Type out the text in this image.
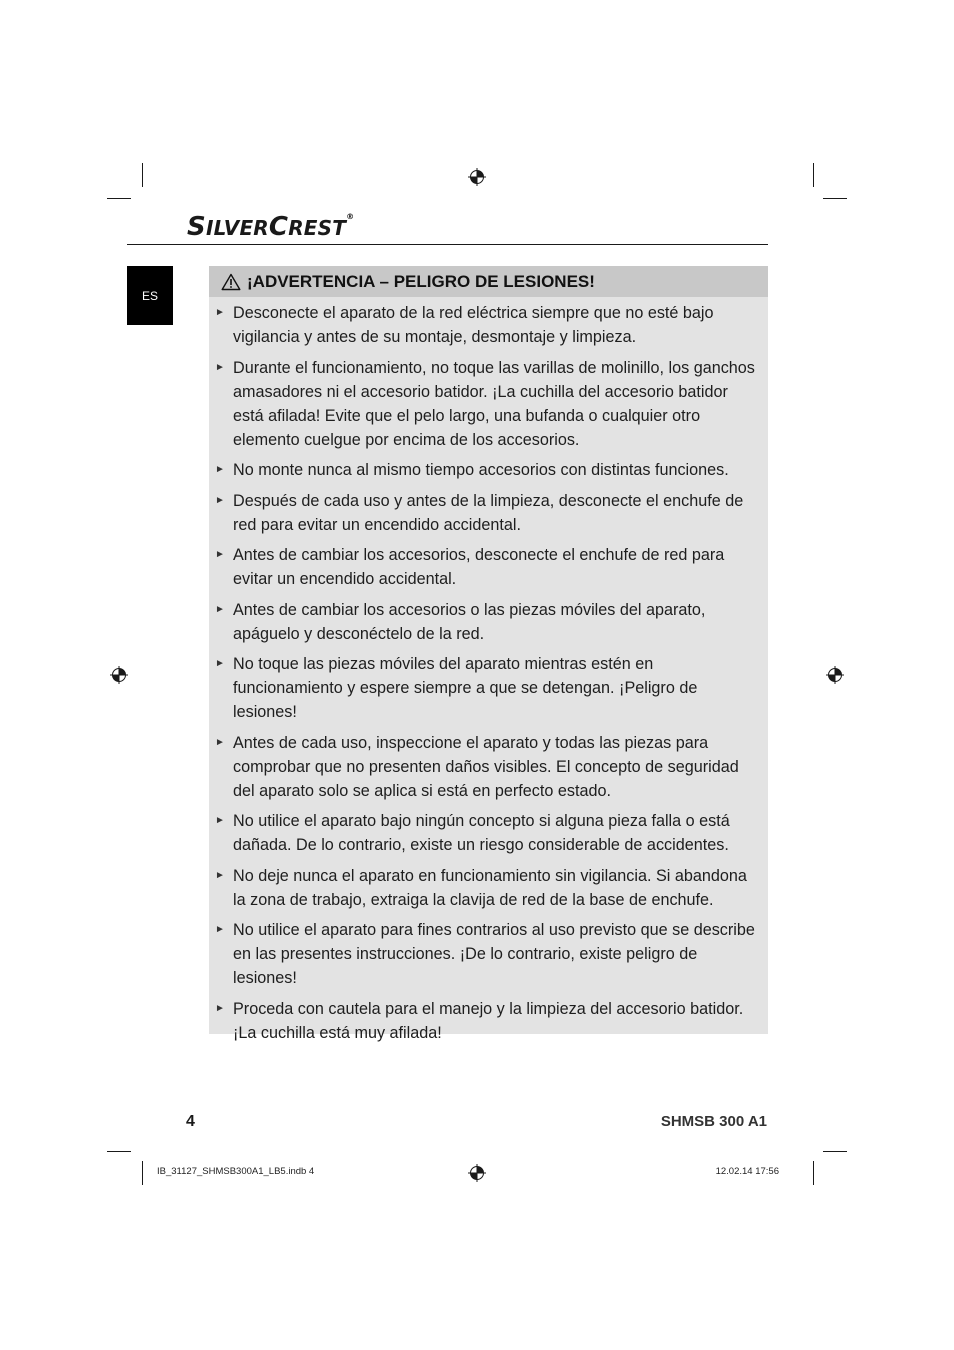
SILVERCREST®
ES
¡ADVERTENCIA – PELIGRO DE LESIONES!
► Desconecte el aparato de la red eléctrica siempre que no esté bajo vigilancia y antes de su montaje, desmontaje y limpieza.
► Durante el funcionamiento, no toque las varillas de molinillo, los ganchos amasadores ni el accesorio batidor. ¡La cuchilla del accesorio batidor está afilada! Evite que el pelo largo, una bufanda o cualquier otro elemento cuelgue por encima de los accesorios.
► No monte nunca al mismo tiempo accesorios con distintas funciones.
► Después de cada uso y antes de la limpieza, desconecte el enchufe de red para evitar un encendido accidental.
► Antes de cambiar los accesorios, desconecte el enchufe de red para evitar un encendido accidental.
► Antes de cambiar los accesorios o las piezas móviles del aparato, apáguelo y desconéctelo de la red.
► No toque las piezas móviles del aparato mientras estén en funcionamiento y espere siempre a que se detengan. ¡Peligro de lesiones!
► Antes de cada uso, inspeccione el aparato y todas las piezas para comprobar que no presenten daños visibles. El concepto de seguridad del aparato solo se aplica si está en perfecto estado.
► No utilice el aparato bajo ningún concepto si alguna pieza falla o está dañada. De lo contrario, existe un riesgo considerable de accidentes.
► No deje nunca el aparato en funcionamiento sin vigilancia. Si abandona la zona de trabajo, extraiga la clavija de red de la base de enchufe.
► No utilice el aparato para fines contrarios al uso previsto que se describe en las presentes instrucciones. ¡De lo contrario, existe peligro de lesiones!
► Proceda con cautela para el manejo y la limpieza del accesorio batidor. ¡La cuchilla está muy afilada!
4	SHMSB 300 A1
IB_31127_SHMSB300A1_LB5.indb 4	12.02.14 17:56
